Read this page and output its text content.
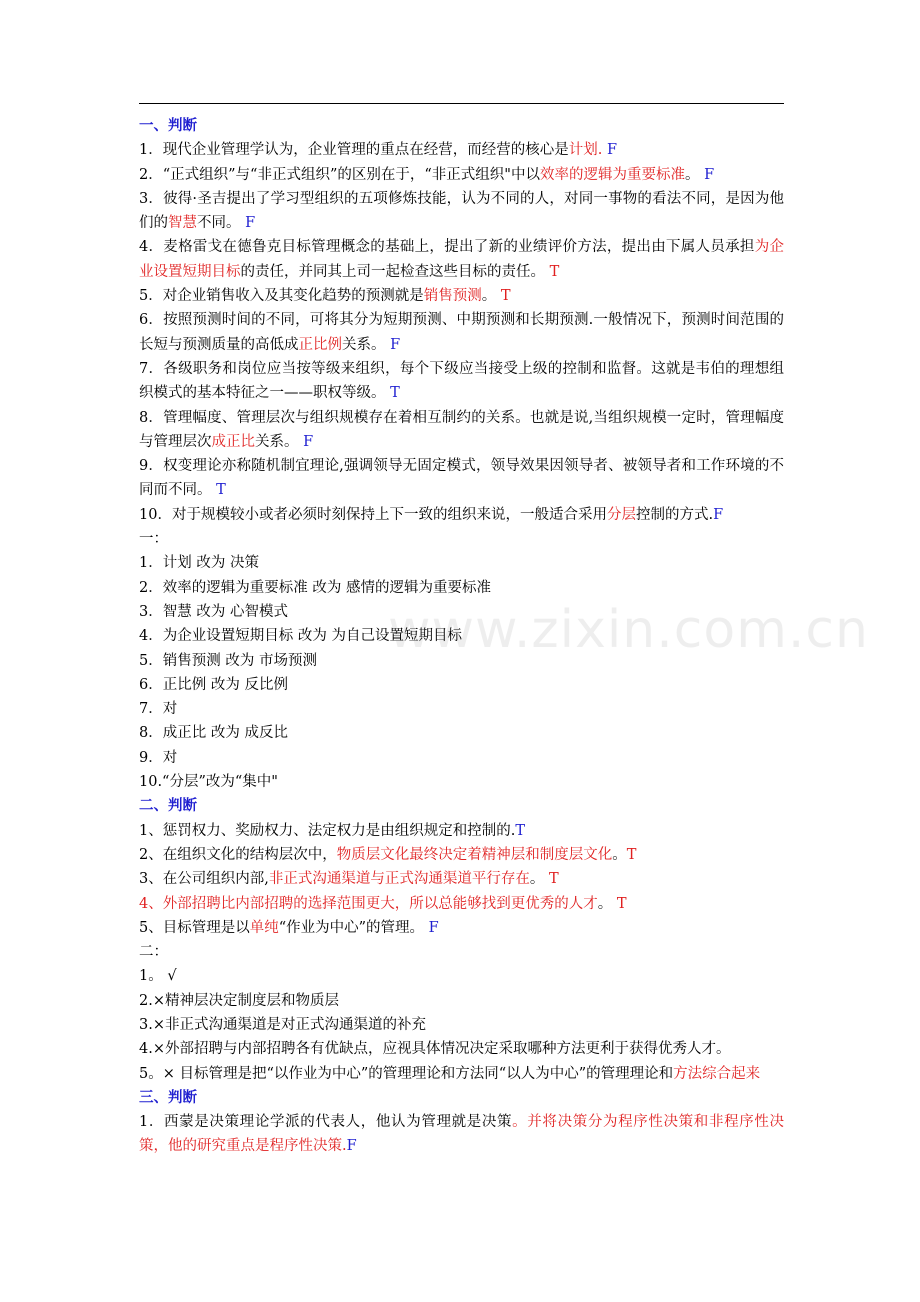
一、判断
1．现代企业管理学认为，企业管理的重点在经营，而经营的核心是计划. F
2．“正式组织”与“非正式组织”的区别在于，“非正式组织"中以效率的逻辑为重要标准。 F
3．彼得·圣吉提出了学习型组织的五项修炼技能，认为不同的人，对同一事物的看法不同，是因为他们的智慧不同。 F
4．麦格雷戈在德鲁克目标管理概念的基础上，提出了新的业绩评价方法，提出由下属人员承担为企业设置短期目标的责任，并同其上司一起检查这些目标的责任。 T
5．对企业销售收入及其变化趋势的预测就是销售预测。 T
6．按照预测时间的不同，可将其分为短期预测、中期预测和长期预测.一般情况下，预测时间范围的长短与预测质量的高低成正比例关系。 F
7．各级职务和岗位应当按等级来组织，每个下级应当接受上级的控制和监督。这就是韦伯的理想组织模式的基本特征之一——职权等级。 T
8．管理幅度、管理层次与组织规模存在着相互制约的关系。也就是说,当组织规模一定时，管理幅度与管理层次成正比关系。 F
9．权变理论亦称随机制宜理论,强调领导无固定模式，领导效果因领导者、被领导者和工作环境的不同而不同。 T
10．对于规模较小或者必须时刻保持上下一致的组织来说，一般适合采用分层控制的方式.F
一：
1．计划 改为 决策
2．效率的逻辑为重要标准 改为 感情的逻辑为重要标准
3．智慧 改为 心智模式
4．为企业设置短期目标 改为 为自己设置短期目标
5．销售预测 改为 市场预测
6．正比例 改为 反比例
7．对
8．成正比 改为 成反比
9．对
10.“分层”改为“集中"
二、判断
1、惩罚权力、奖励权力、法定权力是由组织规定和控制的.T
2、在组织文化的结构层次中，物质层文化最终决定着精神层和制度层文化。T
3、在公司组织内部,非正式沟通渠道与正式沟通渠道平行存在。 T
4、外部招聘比内部招聘的选择范围更大，所以总能够找到更优秀的人才。 T
5、目标管理是以单纯“作业为中心”的管理。 F
二：
1。 √
2.×精神层决定制度层和物质层
3.×非正式沟通渠道是对正式沟通渠道的补充
4.×外部招聘与内部招聘各有优缺点，应视具体情况决定采取哪种方法更利于获得优秀人才。
5。× 目标管理是把“以作业为中心”的管理理论和方法同“以人为中心”的管理理论和方法综合起来
三、判断
1．西蒙是决策理论学派的代表人，他认为管理就是决策。并将决策分为程序性决策和非程序性决策，他的研究重点是程序性决策.F
www.zixin.com.cn
